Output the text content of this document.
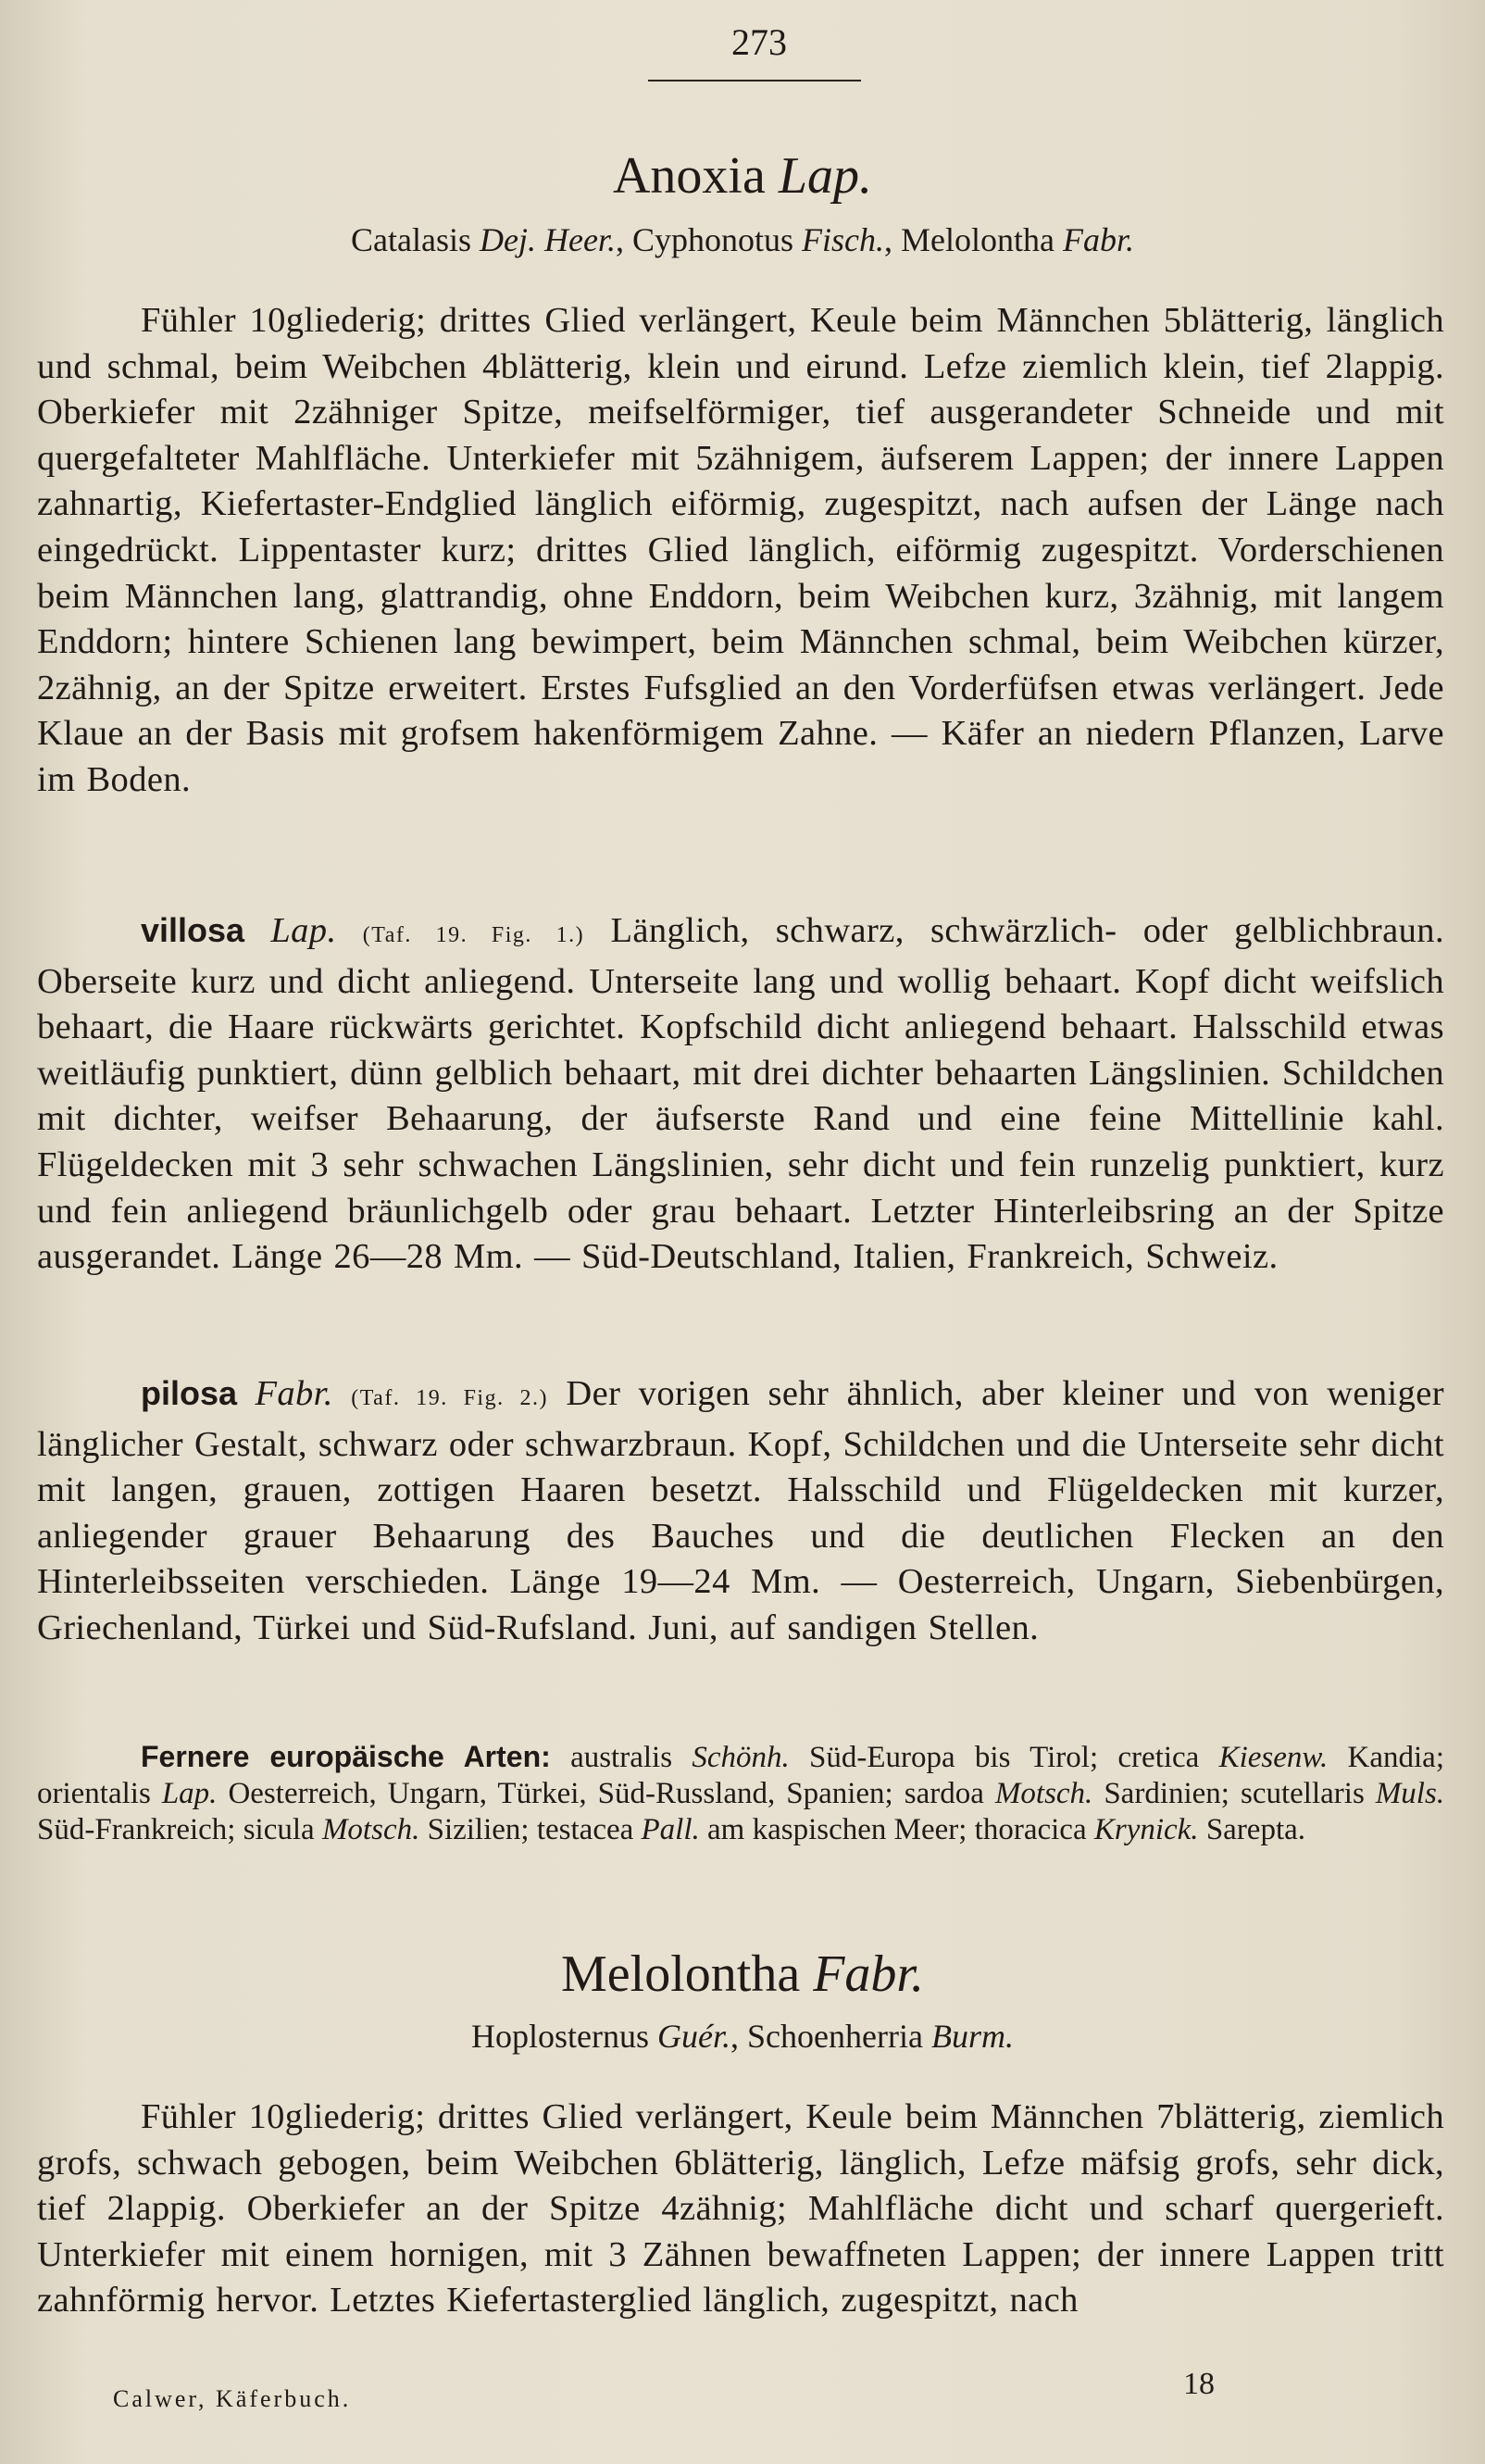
273
Anoxia Lap.
Catalasis Dej. Heer., Cyphonotus Fisch., Melolontha Fabr.
Fühler 10gliederig; drittes Glied verlängert, Keule beim Männchen 5blätterig, länglich und schmal, beim Weibchen 4blätterig, klein und eirund. Lefze ziemlich klein, tief 2lappig. Oberkiefer mit 2zähniger Spitze, meifselförmiger, tief ausgerandeter Schneide und mit quergefalteter Mahlfläche. Unterkiefer mit 5zähnigem, äufserem Lappen; der innere Lappen zahnartig, Kiefertaster-Endglied länglich eiförmig, zugespitzt, nach aufsen der Länge nach eingedrückt. Lippentaster kurz; drittes Glied länglich, eiförmig zugespitzt. Vorderschienen beim Männchen lang, glattrandig, ohne Enddorn, beim Weibchen kurz, 3zähnig, mit langem Enddorn; hintere Schienen lang bewimpert, beim Männchen schmal, beim Weibchen kürzer, 2zähnig, an der Spitze erweitert. Erstes Fufsglied an den Vorderfüfsen etwas verlängert. Jede Klaue an der Basis mit grofsem hakenförmigem Zahne. — Käfer an niedern Pflanzen, Larve im Boden.
villosa Lap. (Taf. 19. Fig. 1.) Länglich, schwarz, schwärzlich- oder gelblichbraun. Oberseite kurz und dicht anliegend. Unterseite lang und wollig behaart. Kopf dicht weifslich behaart, die Haare rückwärts gerichtet. Kopfschild dicht anliegend behaart. Halsschild etwas weitläufig punktiert, dünn gelblich behaart, mit drei dichter behaarten Längslinien. Schildchen mit dichter, weifser Behaarung, der äufserste Rand und eine feine Mittellinie kahl. Flügeldecken mit 3 sehr schwachen Längslinien, sehr dicht und fein runzelig punktiert, kurz und fein anliegend bräunlichgelb oder grau behaart. Letzter Hinterleibsring an der Spitze ausgerandet. Länge 26—28 Mm. — Süd-Deutschland, Italien, Frankreich, Schweiz.
pilosa Fabr. (Taf. 19. Fig. 2.) Der vorigen sehr ähnlich, aber kleiner und von weniger länglicher Gestalt, schwarz oder schwarzbraun. Kopf, Schildchen und die Unterseite sehr dicht mit langen, grauen, zottigen Haaren besetzt. Halsschild und Flügeldecken mit kurzer, anliegender grauer Behaarung des Bauches und die deutlichen Flecken an den Hinterleibsseiten verschieden. Länge 19—24 Mm. — Oesterreich, Ungarn, Siebenbürgen, Griechenland, Türkei und Süd-Rufsland. Juni, auf sandigen Stellen.
Fernere europäische Arten: australis Schönh. Süd-Europa bis Tirol; cretica Kiesenw. Kandia; orientalis Lap. Oesterreich, Ungarn, Türkei, Süd-Russland, Spanien; sardoa Motsch. Sardinien; scutellaris Muls. Süd-Frankreich; sicula Motsch. Sizilien; testacea Pall. am kaspischen Meer; thoracica Krynick. Sarepta.
Melolontha Fabr.
Hoplosternus Guér., Schoenherria Burm.
Fühler 10gliederig; drittes Glied verlängert, Keule beim Männchen 7blätterig, ziemlich grofs, schwach gebogen, beim Weibchen 6blätterig, länglich, Lefze mäfsig grofs, sehr dick, tief 2lappig. Oberkiefer an der Spitze 4zähnig; Mahlfläche dicht und scharf quergerieft. Unterkiefer mit einem hornigen, mit 3 Zähnen bewaffneten Lappen; der innere Lappen tritt zahnförmig hervor. Letztes Kiefertasterglied länglich, zugespitzt, nach
Calwer, Käferbuch.	18
